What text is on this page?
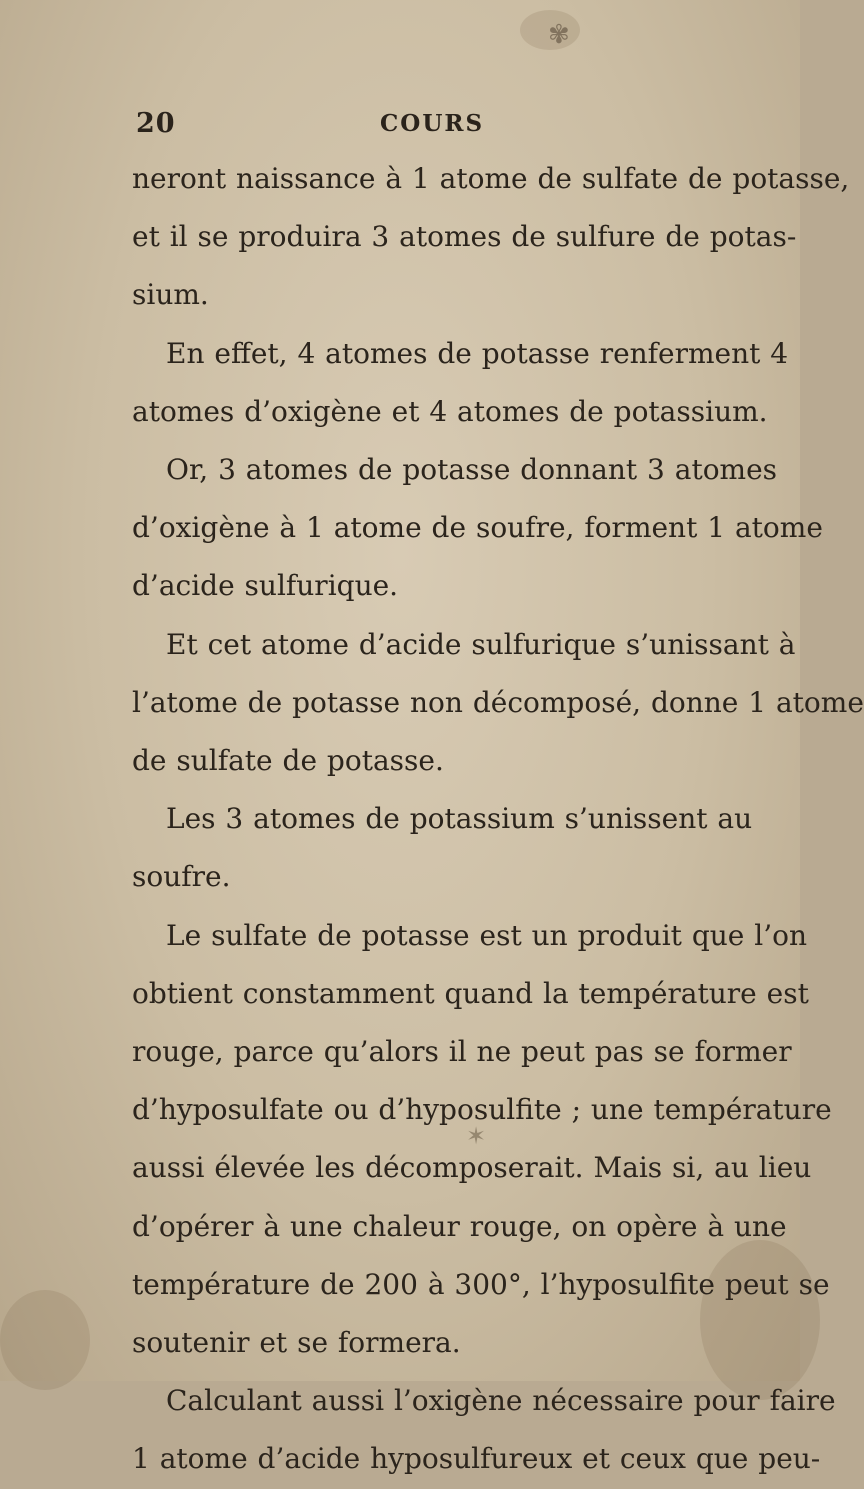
✾
✶
20	COURS
neront naissance à 1 atome de sulfate de potasse,
et il se produira 3 atomes de sulfure de potas-
sium.
En effet, 4 atomes de potasse renferment 4
atomes d’oxigène et 4 atomes de potassium.
Or, 3 atomes de potasse donnant 3 atomes
d’oxigène à 1 atome de soufre, forment 1 atome
d’acide sulfurique.
Et cet atome d’acide sulfurique s’unissant à
l’atome de potasse non décomposé, donne 1 atome
de sulfate de potasse.
Les 3 atomes de potassium s’unissent au
soufre.
Le sulfate de potasse est un produit que l’on
obtient constamment quand la température est
rouge, parce qu’alors il ne peut pas se former
d’hyposulfate ou d’hyposulfite ; une température
aussi élevée les décomposerait. Mais si, au lieu
d’opérer à une chaleur rouge, on opère à une
température de 200 à 300°, l’hyposulfite peut se
soutenir et se formera.
Calculant aussi l’oxigène nécessaire pour faire
1 atome d’acide hyposulfureux et ceux que peu-
